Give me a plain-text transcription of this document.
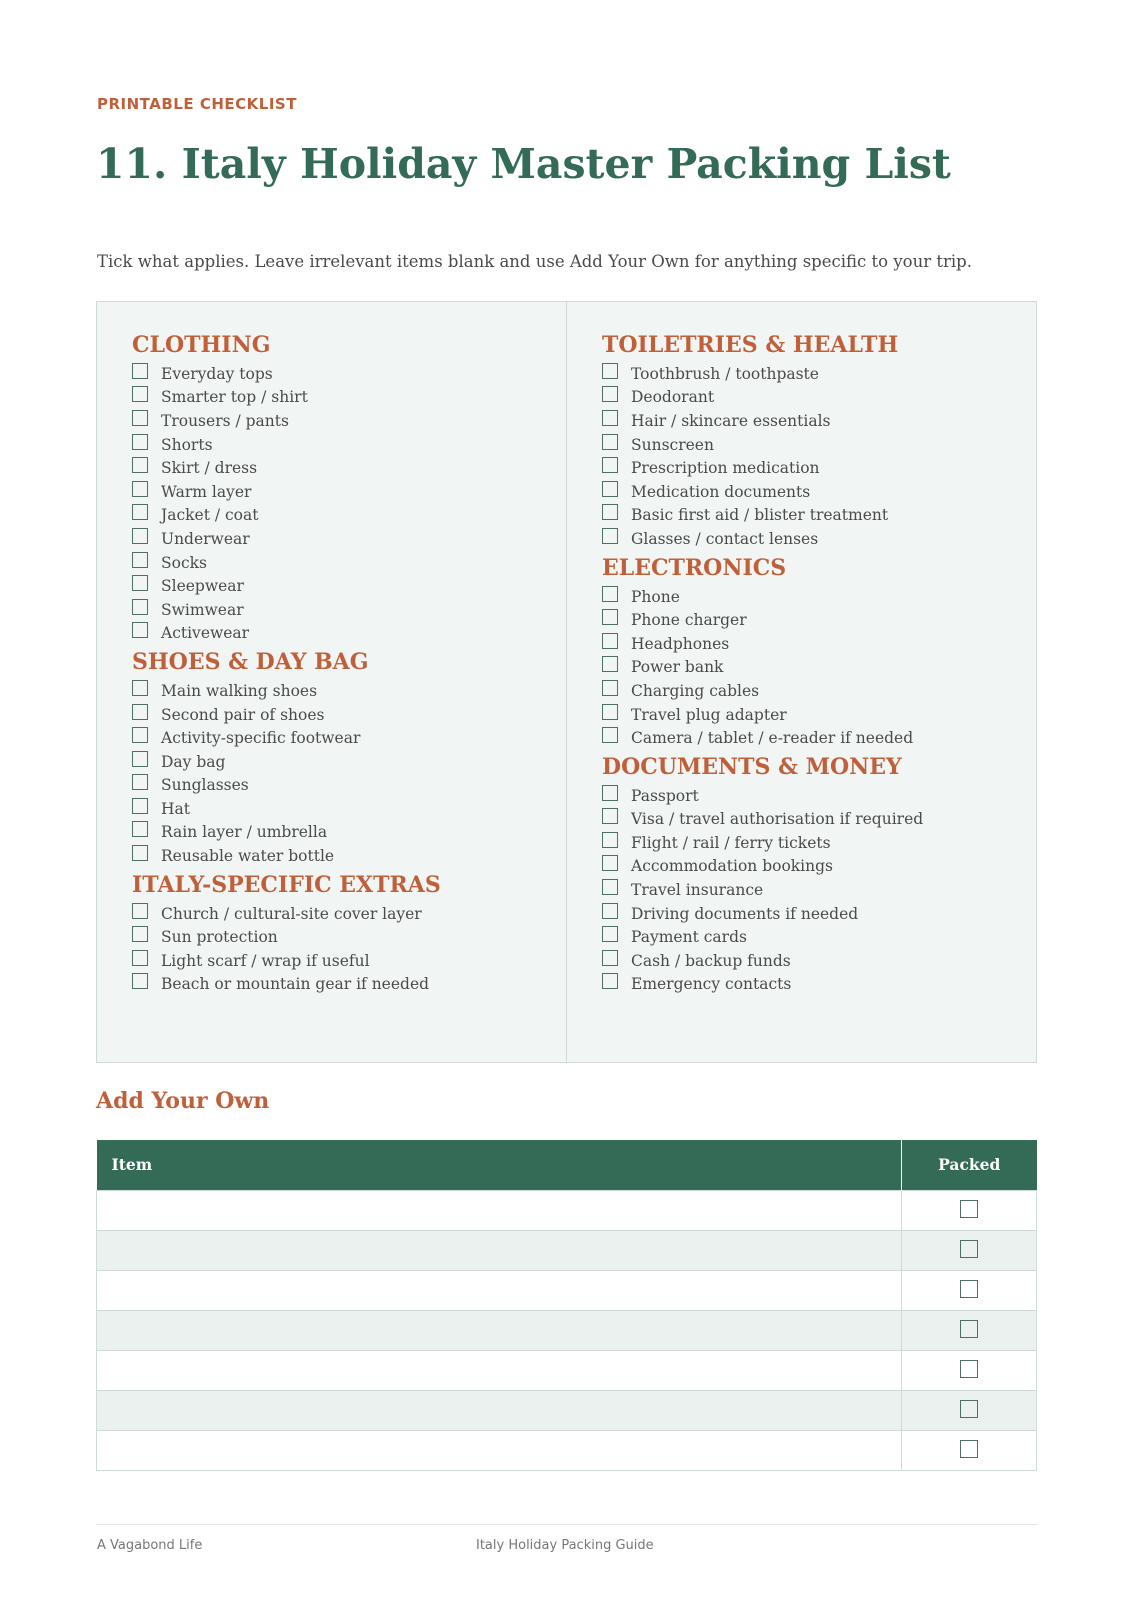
PRINTABLE CHECKLIST
11. Italy Holiday Master Packing List

Tick what applies. Leave irrelevant items blank and use Add Your Own for anything specific to your trip.

CLOTHING
Everyday tops
Smarter top / shirt
Trousers / pants
Shorts
Skirt / dress
Warm layer
Jacket / coat
Underwear
Socks
Sleepwear
Swimwear
Activewear
SHOES & DAY BAG
Main walking shoes
Second pair of shoes
Activity-specific footwear
Day bag
Sunglasses
Hat
Rain layer / umbrella
Reusable water bottle
ITALY-SPECIFIC EXTRAS
Church / cultural-site cover layer
Sun protection
Light scarf / wrap if useful
Beach or mountain gear if needed
TOILETRIES & HEALTH
Toothbrush / toothpaste
Deodorant
Hair / skincare essentials
Sunscreen
Prescription medication
Medication documents
Basic first aid / blister treatment
Glasses / contact lenses
ELECTRONICS
Phone
Phone charger
Headphones
Power bank
Charging cables
Travel plug adapter
Camera / tablet / e-reader if needed
DOCUMENTS & MONEY
Passport
Visa / travel authorisation if required
Flight / rail / ferry tickets
Accommodation bookings
Travel insurance
Driving documents if needed
Payment cards
Cash / backup funds
Emergency contacts
Add Your Own
Item	Packed

A Vagabond Life	Italy Holiday Packing Guide
